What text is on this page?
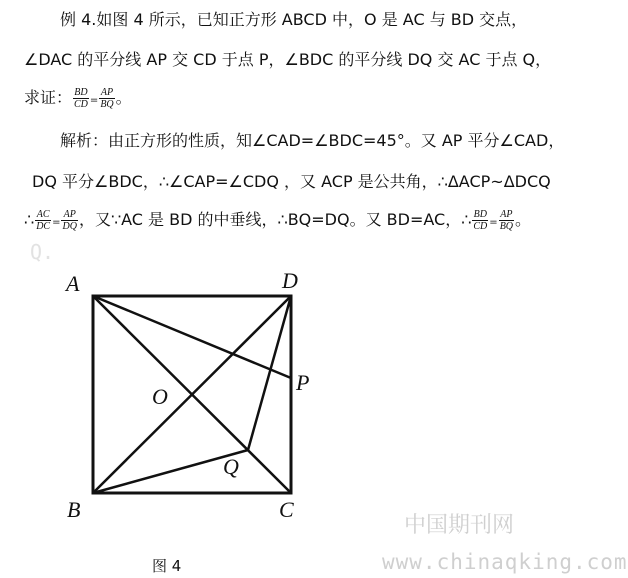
例 4.如图 4 所示，已知正方形 ABCD 中，O 是 AC 与 BD 交点，
∠DAC 的平分线 AP 交 CD 于点 P，∠BDC 的平分线 DQ 交 AC 于点 Q，
求证： $\frac{BD}{CD} = \frac{AP}{BQ}$ 。
解析：由正方形的性质，知∠CAD=∠BDC=45°。又 AP 平分∠CAD，
DQ 平分∠BDC，∴∠CAP=∠CDQ ，又 ACP 是公共角，∴ΔACP~ΔDCQ
∴ $\frac{AC}{DC} = \frac{AP}{DQ}$ ，又∵AC 是 BD 的中垂线，∴BQ=DQ。又 BD=AC，∴ $\frac{BD}{CD} = \frac{AP}{BQ}$ 。
Q.
A	D
B	C
O
P
Q
图 4
中国期刊网
www.chinaqking.com
